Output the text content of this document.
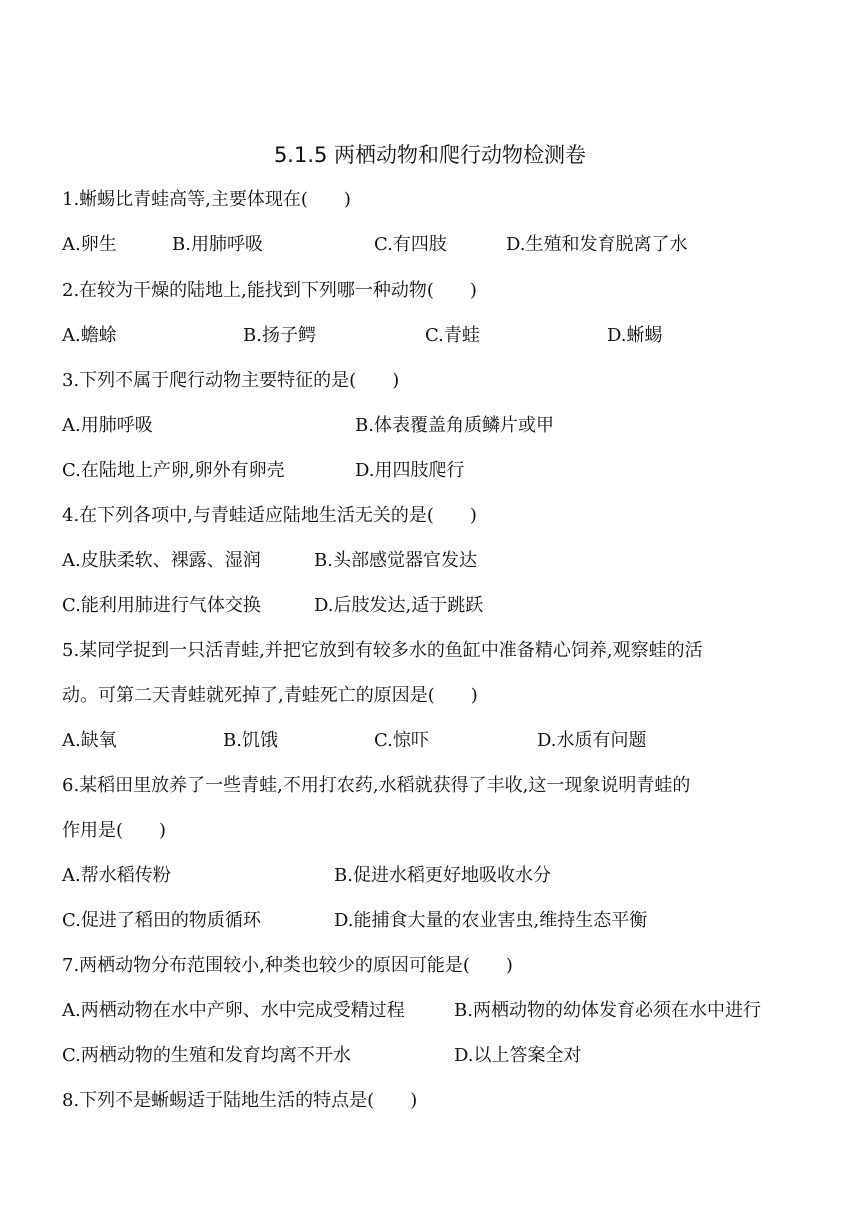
5.1.5 两栖动物和爬行动物检测卷
1.蜥蜴比青蛙高等,主要体现在(　　)
A.卵生	B.用肺呼吸	C.有四肢	D.生殖和发育脱离了水
2.在较为干燥的陆地上,能找到下列哪一种动物(　　)
A.蟾蜍	B.扬子鳄	C.青蛙	D.蜥蜴
3.下列不属于爬行动物主要特征的是(　　)
A.用肺呼吸	B.体表覆盖角质鳞片或甲
C.在陆地上产卵,卵外有卵壳	D.用四肢爬行
4.在下列各项中,与青蛙适应陆地生活无关的是(　　)
A.皮肤柔软、裸露、湿润	B.头部感觉器官发达
C.能利用肺进行气体交换	D.后肢发达,适于跳跃
5.某同学捉到一只活青蛙,并把它放到有较多水的鱼缸中准备精心饲养,观察蛙的活
动。可第二天青蛙就死掉了,青蛙死亡的原因是(　　)
A.缺氧	B.饥饿	C.惊吓	D.水质有问题
6.某稻田里放养了一些青蛙,不用打农药,水稻就获得了丰收,这一现象说明青蛙的
作用是(　　)
A.帮水稻传粉	B.促进水稻更好地吸收水分
C.促进了稻田的物质循环	D.能捕食大量的农业害虫,维持生态平衡
7.两栖动物分布范围较小,种类也较少的原因可能是(　　)
A.两栖动物在水中产卵、水中完成受精过程	B.两栖动物的幼体发育必须在水中进行
C.两栖动物的生殖和发育均离不开水	D.以上答案全对
8.下列不是蜥蜴适于陆地生活的特点是(　　)
